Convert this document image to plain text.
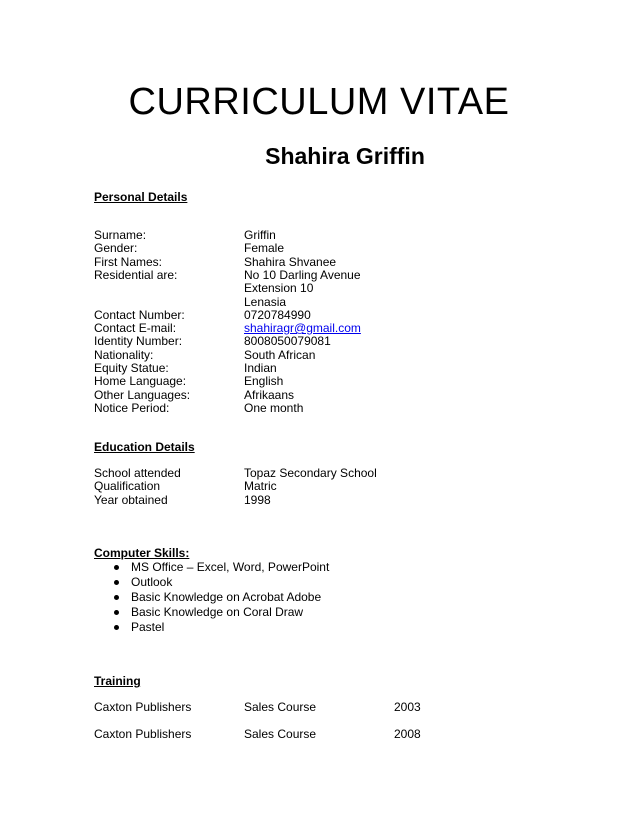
CURRICULUM VITAE
Shahira Griffin
Personal Details
Surname:	Griffin
Gender:	Female
First Names:	Shahira Shvanee
Residential are:	No 10 Darling Avenue
Extension 10
Lenasia
Contact Number:	0720784990
Contact E-mail:	shahiragr@gmail.com
Identity Number:	8008050079081
Nationality:	South African
Equity Statue:	Indian
Home Language:	English
Other Languages:	Afrikaans
Notice Period:	One month
Education Details
School attended	Topaz Secondary School
Qualification	Matric
Year obtained	1998
Computer Skills:
MS Office – Excel, Word, PowerPoint
Outlook
Basic Knowledge on Acrobat Adobe
Basic Knowledge on Coral Draw
Pastel
Training
Caxton Publishers	Sales Course	2003
Caxton Publishers	Sales Course	2008
